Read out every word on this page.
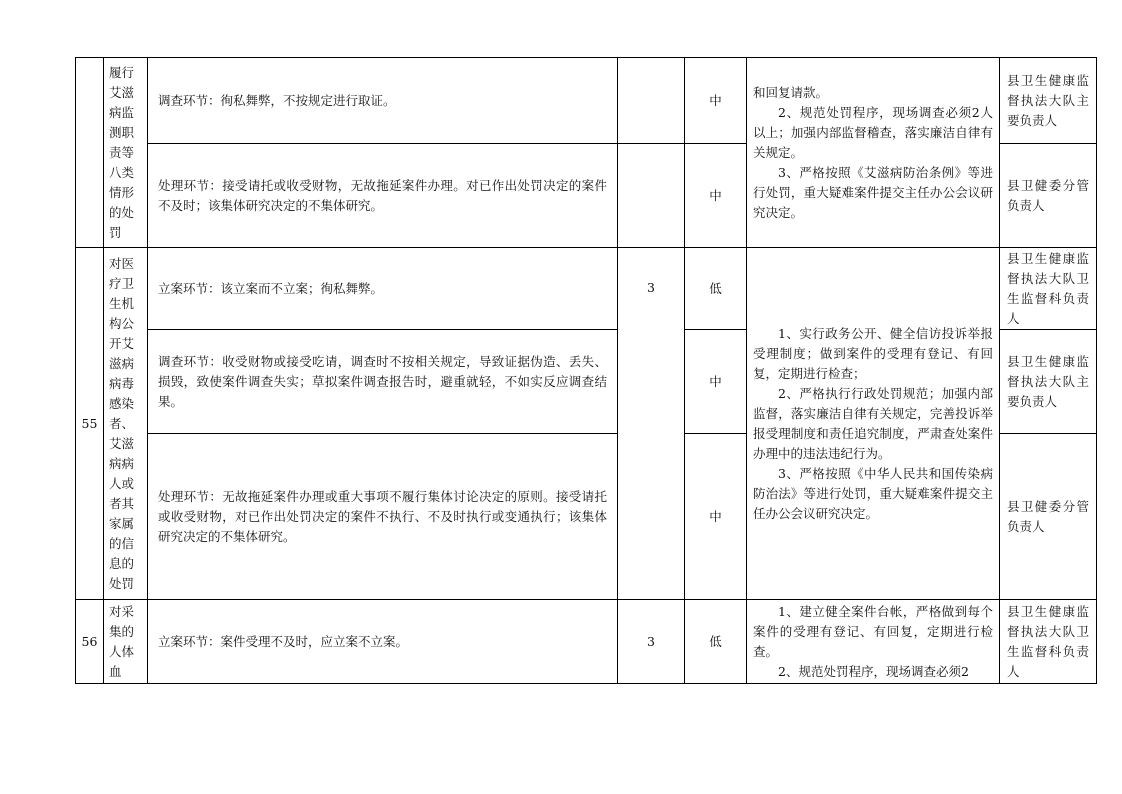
	履行艾滋病监测职责等八类情形的处罚	调查环节：徇私舞弊，不按规定进行取证。		中	和回复请款。
2、规范处罚程序，现场调查必须2人以上；加强内部监督稽查，落实廉洁自律有关规定。
3、严格按照《艾滋病防治条例》等进行处罚，重大疑难案件提交主任办公会议研究决定。	县卫生健康监督执法大队主要负责人

		处理环节：接受请托或收受财物，无故拖延案件办理。对已作出处罚决定的案件不及时；该集体研究决定的不集体研究。		中		县卫健委分管负责人

55	对医疗卫生机构公开艾滋病病毒感染者、艾滋病病人或者其家属的信息的处罚	立案环节：该立案而不立案；徇私舞弊。	3	低	1、实行政务公开、健全信访投诉举报受理制度；做到案件的受理有登记、有回复，定期进行检查；
2、严格执行行政处罚规范；加强内部监督，落实廉洁自律有关规定，完善投诉举报受理制度和责任追究制度，严肃查处案件办理中的违法违纪行为。
3、严格按照《中华人民共和国传染病防治法》等进行处罚，重大疑难案件提交主任办公会议研究决定。	县卫生健康监督执法大队卫生监督科负责人

		调查环节：收受财物或接受吃请，调查时不按相关规定，导致证据伪造、丢失、损毁，致使案件调查失实；草拟案件调查报告时，避重就轻，不如实反应调查结果。		中		县卫生健康监督执法大队主要负责人

		处理环节：无故拖延案件办理或重大事项不履行集体讨论决定的原则。接受请托或收受财物，对已作出处罚决定的案件不执行、不及时执行或变通执行；该集体研究决定的不集体研究。		中		县卫健委分管负责人

56	对采集的人体血	立案环节：案件受理不及时，应立案不立案。	3	低	1、建立健全案件台帐，严格做到每个案件的受理有登记、有回复，定期进行检查。
2、规范处罚程序，现场调查必须2	县卫生健康监督执法大队卫生监督科负责人
